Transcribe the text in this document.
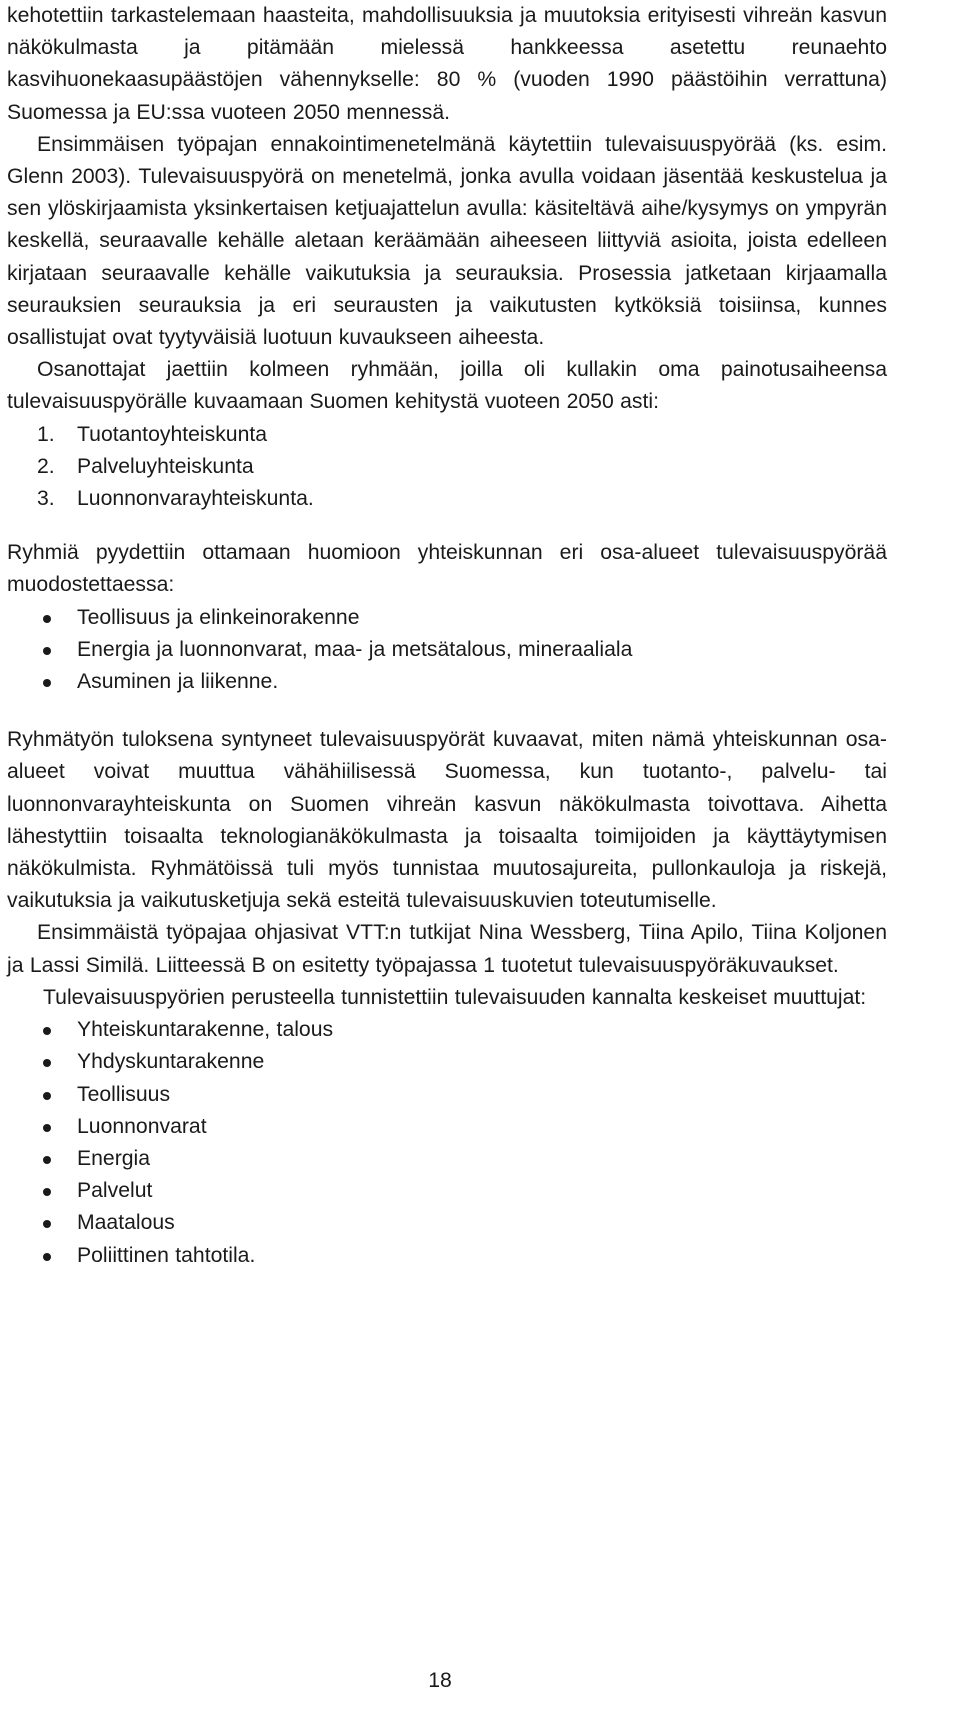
kehotettiin tarkastelemaan haasteita, mahdollisuuksia ja muutoksia erityisesti vihreän kasvun näkökulmasta ja pitämään mielessä hankkeessa asetettu reunaehto kasvihuonekaasupäästöjen vähennykselle: 80 % (vuoden 1990 päästöihin verrattuna) Suomessa ja EU:ssa vuoteen 2050 mennessä.

Ensimmäisen työpajan ennakointimenetelmänä käytettiin tulevaisuuspyörää (ks. esim. Glenn 2003). Tulevaisuuspyörä on menetelmä, jonka avulla voidaan jäsentää keskustelua ja sen ylöskirjaamista yksinkertaisen ketjuajattelun avulla: käsiteltävä aihe/kysymys on ympyrän keskellä, seuraavalle kehälle aletaan keräämään aiheeseen liittyviä asioita, joista edelleen kirjataan seuraavalle kehälle vaikutuksia ja seurauksia. Prosessia jatketaan kirjaamalla seurauksien seurauksia ja eri seurausten ja vaikutusten kytköksiä toisiinsa, kunnes osallistujat ovat tyytyväisiä luotuun kuvaukseen aiheesta.

Osanottajat jaettiin kolmeen ryhmään, joilla oli kullakin oma painotusaiheensa tulevaisuuspyörälle kuvaamaan Suomen kehitystä vuoteen 2050 asti:

1. Tuotantoyhteiskunta
2. Palveluyhteiskunta
3. Luonnonvarayhteiskunta.

Ryhmiä pyydettiin ottamaan huomioon yhteiskunnan eri osa-alueet tulevaisuuspyörää muodostettaessa:

Teollisuus ja elinkeinorakenne
Energia ja luonnonvarat, maa- ja metsätalous, mineraaliala
Asuminen ja liikenne.

Ryhmätyön tuloksena syntyneet tulevaisuuspyörät kuvaavat, miten nämä yhteiskunnan osa-alueet voivat muuttua vähähiilisessä Suomessa, kun tuotanto-, palvelu- tai luonnonvarayhteiskunta on Suomen vihreän kasvun näkökulmasta toivottava. Aihetta lähestyttiin toisaalta teknologianäkökulmasta ja toisaalta toimijoiden ja käyttäytymisen näkökulmista. Ryhmätöissä tuli myös tunnistaa muutosajureita, pullonkauloja ja riskejä, vaikutuksia ja vaikutusketjuja sekä esteitä tulevaisuuskuvien toteutumiselle.

Ensimmäistä työpajaa ohjasivat VTT:n tutkijat Nina Wessberg, Tiina Apilo, Tiina Koljonen ja Lassi Similä. Liitteessä B on esitetty työpajassa 1 tuotetut tulevaisuuspyöräkuvaukset.

Tulevaisuuspyörien perusteella tunnistettiin tulevaisuuden kannalta keskeiset muuttujat:

Yhteiskuntarakenne, talous
Yhdyskuntarakenne
Teollisuus
Luonnonvarat
Energia
Palvelut
Maatalous
Poliittinen tahtotila.
18
